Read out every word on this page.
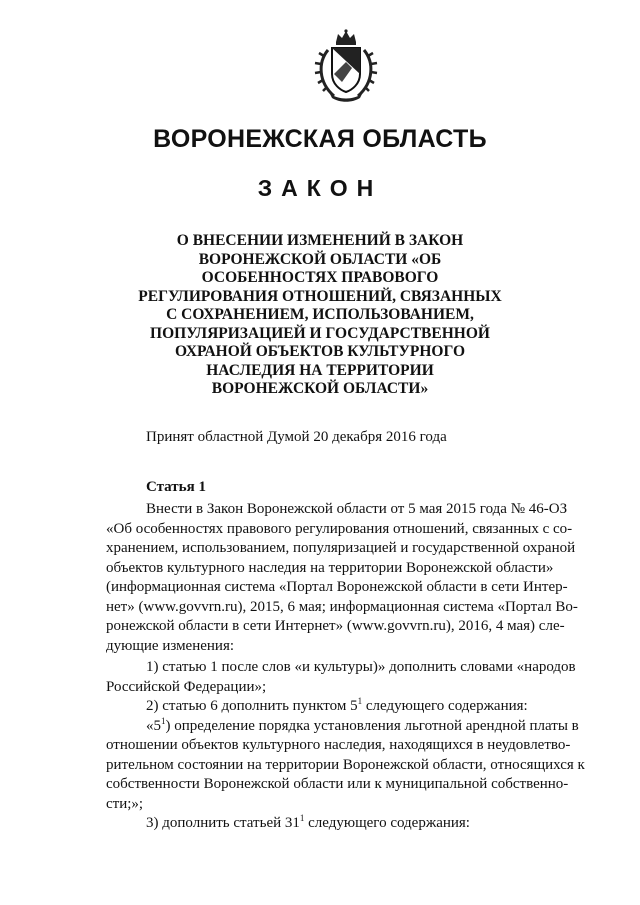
ВОРОНЕЖСКАЯ ОБЛАСТЬ
ЗАКОН
О ВНЕСЕНИИ ИЗМЕНЕНИЙ В ЗАКОН
ВОРОНЕЖСКОЙ ОБЛАСТИ «ОБ
ОСОБЕННОСТЯХ ПРАВОВОГО
РЕГУЛИРОВАНИЯ ОТНОШЕНИЙ, СВЯЗАННЫХ
С СОХРАНЕНИЕМ, ИСПОЛЬЗОВАНИЕМ,
ПОПУЛЯРИЗАЦИЕЙ И ГОСУДАРСТВЕННОЙ
ОХРАНОЙ ОБЪЕКТОВ КУЛЬТУРНОГО
НАСЛЕДИЯ НА ТЕРРИТОРИИ
ВОРОНЕЖСКОЙ ОБЛАСТИ»
Принят областной Думой 20 декабря 2016 года
Статья 1
Внести в Закон Воронежской области от 5 мая 2015 года № 46-ОЗ
«Об особенностях правового регулирования отношений, связанных с со-
хранением, использованием, популяризацией и государственной охраной
объектов культурного наследия на территории Воронежской области»
(информационная система «Портал Воронежской области в сети Интер-
нет» (www.govvrn.ru), 2015, 6 мая; информационная система «Портал Во-
ронежской области в сети Интернет» (www.govvrn.ru), 2016, 4 мая) сле-
дующие изменения:
1) статью 1 после слов «и культуры)» дополнить словами «народов
Российской Федерации»;
2) статью 6 дополнить пунктом $5^1$ следующего содержания:
«$5^1$) определение порядка установления льготной арендной платы в
отношении объектов культурного наследия, находящихся в неудовлетво-
рительном состоянии на территории Воронежской области, относящихся к
собственности Воронежской области или к муниципальной собственно-
сти;»;
3) дополнить статьей $31^1$ следующего содержания:
